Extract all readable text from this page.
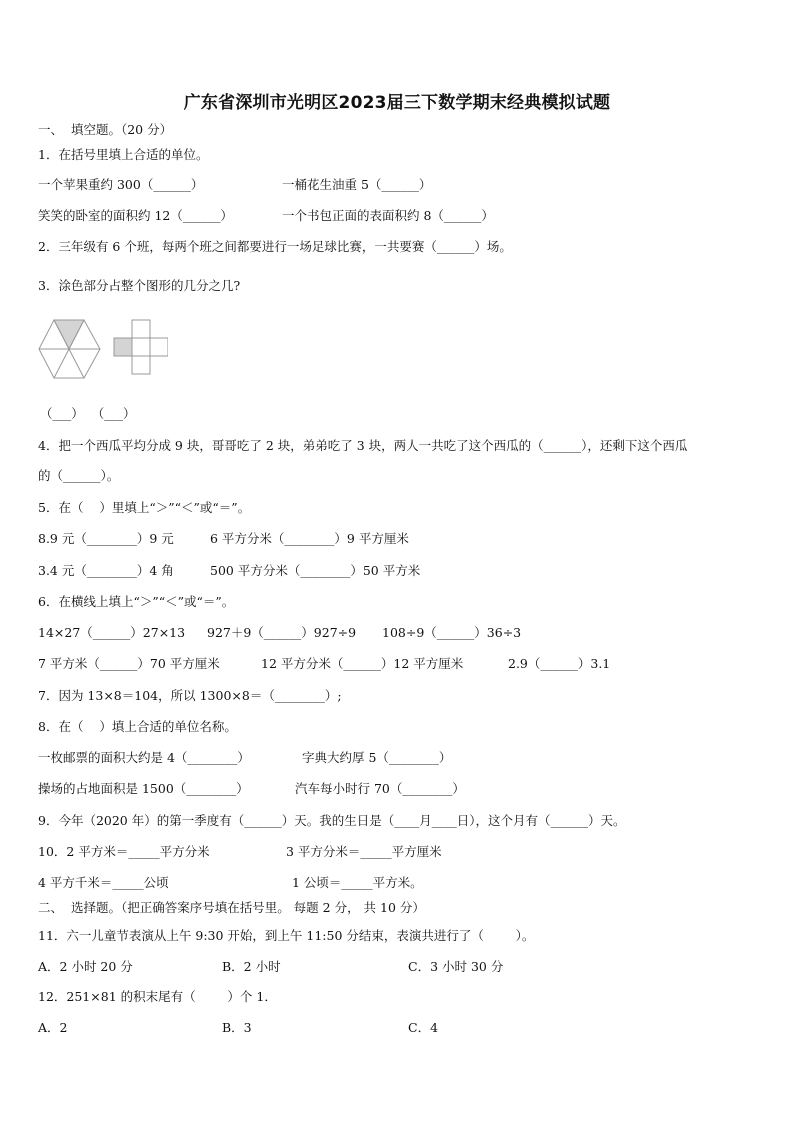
广东省深圳市光明区2023届三下数学期末经典模拟试题
一、  填空题。（20 分）
1．在括号里填上合适的单位。
一个苹果重约 300（______）	一桶花生油重 5（______）
笑笑的卧室的面积约 12（______）	一个书包正面的表面积约 8（______）
2．三年级有 6 个班，每两个班之间都要进行一场足球比赛，一共要赛（______）场。
3．涂色部分占整个图形的几分之几?
（___）  （___）
4．把一个西瓜平均分成 9 块，哥哥吃了 2 块，弟弟吃了 3 块，两人一共吃了这个西瓜的（______），还剩下这个西瓜
的（______）。
5．在（    ）里填上“＞”“＜”或“＝”。
8.9 元（________）9 元	6 平方分米（________）9 平方厘米
3.4 元（________）4 角	500 平方分米（________）50 平方米
6．在横线上填上“＞”“＜”或“＝”。
14×27（______）27×13 927＋9（______）927÷9 108÷9（______）36÷3
7 平方米（______）70 平方厘米	12 平方分米（______）12 平方厘米	2.9（______）3.1
7．因为 13×8＝104，所以 1300×8＝（________）;
8．在（    ）填上合适的单位名称。
一枚邮票的面积大约是 4（________）	字典大约厚 5（________）
操场的占地面积是 1500（________）	汽车每小时行 70（________）
9．今年（2020 年）的第一季度有（______）天。我的生日是（____月____日），这个月有（______）天。
10．2 平方米＝_____平方分米	3 平方分米＝_____平方厘米
4 平方千米＝_____公顷	1 公顷＝_____平方米。
二、  选择题。（把正确答案序号填在括号里。 每题 2 分， 共 10 分）
11．六一儿童节表演从上午 9:30 开始，到上午 11:50 分结束，表演共进行了（        ）。
A．2 小时 20 分	B．2 小时	C．3 小时 30 分
12．251×81 的积末尾有（        ）个 1．
A．2	B．3	C．4
